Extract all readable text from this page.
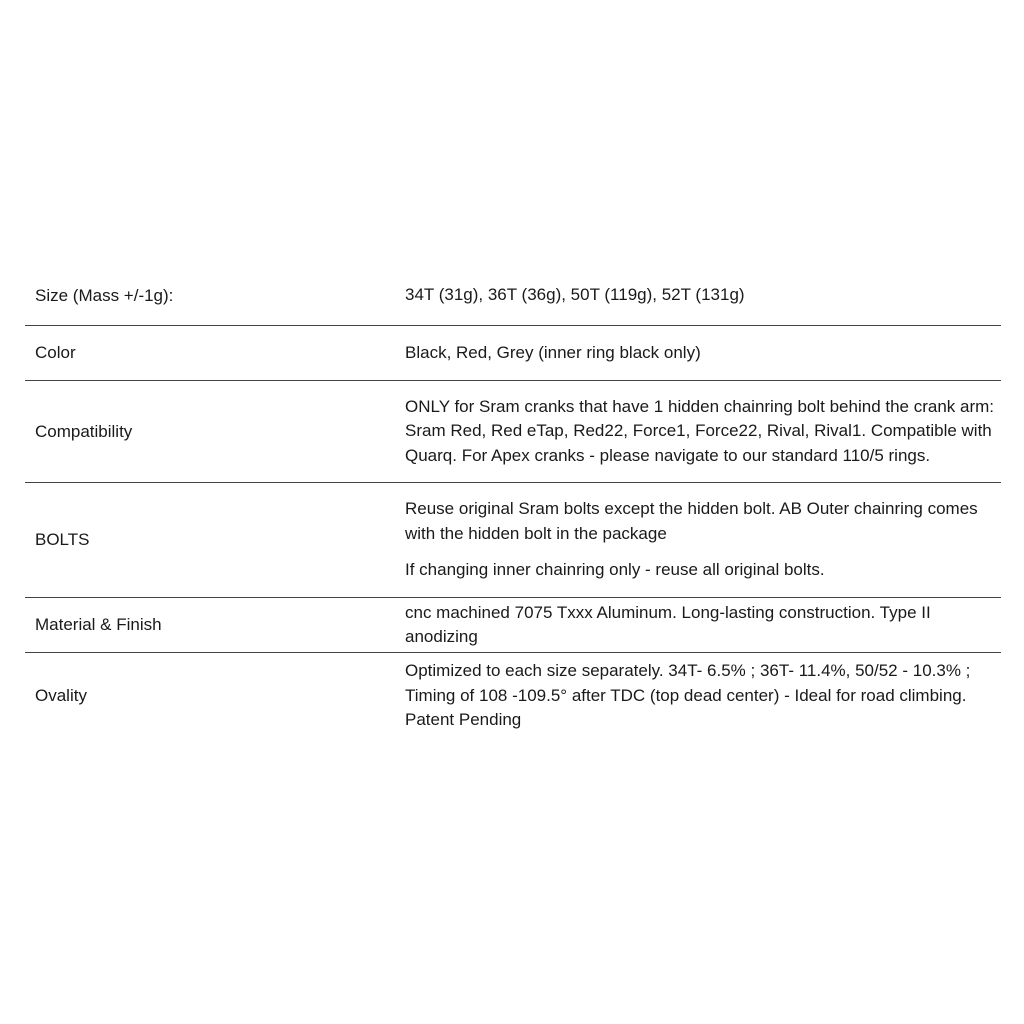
Size (Mass +/-1g):	34T (31g), 36T (36g), 50T (119g), 52T (131g)

Color	Black, Red, Grey (inner ring black only)

Compatibility

ONLY for Sram cranks that have 1 hidden chainring bolt behind the crank arm: Sram Red, Red eTap, Red22, Force1, Force22, Rival, Rival1. Compatible with Quarq. For Apex cranks - please navigate to our standard 110/5 rings.

BOLTS

Reuse original Sram bolts except the hidden bolt. AB Outer chainring comes with the hidden bolt in the package

If changing inner chainring only - reuse all original bolts.

Material & Finish

cnc machined 7075 Txxx Aluminum. Long-lasting construction. Type II anodizing

Ovality

Optimized to each size separately. 34T- 6.5% ; 36T- 11.4%, 50/52 - 10.3% ; Timing of 108 -109.5° after TDC (top dead center) - Ideal for road climbing. Patent Pending
